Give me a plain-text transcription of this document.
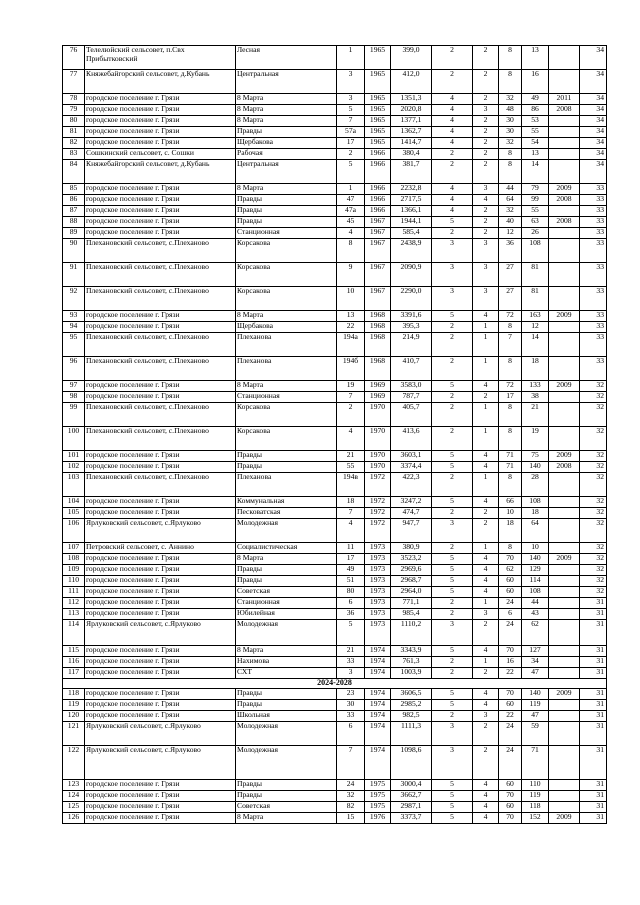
76	Телелюйский сельсовет, п.Свх Прибытковский	Лесная	1	1965	399,0	2	2	8	13		34
77	Княжебайгорский сельсовет, д.Кубань	Центральная	3	1965	412,0	2	2	8	16		34
78	городское поселение г. Грязи	8 Марта	3	1965	1351,3	4	2	32	49	2011	34
79	городское поселение г. Грязи	8 Марта	5	1965	2020,8	4	3	48	86	2008	34
80	городское поселение г. Грязи	8 Марта	7	1965	1377,1	4	2	30	53		34
81	городское поселение г. Грязи	Правды	57а	1965	1362,7	4	2	30	55		34
82	городское поселение г. Грязи	Щербакова	17	1965	1414,7	4	2	32	54		34
83	Сошкинский сельсовет, с. Сошки	Рабочая	2	1966	380,4	2	2	8	13		34
84	Княжебайгорский сельсовет, д.Кубань	Центральная	5	1966	381,7	2	2	8	14		34
85	городское поселение г. Грязи	8 Марта	1	1966	2232,8	4	3	44	79	2009	33
86	городское поселение г. Грязи	Правды	47	1966	2717,5	4	4	64	99	2008	33
87	городское поселение г. Грязи	Правды	47а	1966	1366,1	4	2	32	55		33
88	городское поселение г. Грязи	Правды	45	1967	1944,1	5	2	40	63	2008	33
89	городское поселение г. Грязи	Станционная	4	1967	585,4	2	2	12	26		33
90	Плехановский сельсовет, с.Плеханово	Корсакова	8	1967	2438,9	3	3	36	108		33
91	Плехановский сельсовет, с.Плеханово	Корсакова	9	1967	2090,9	3	3	27	81		33
92	Плехановский сельсовет, с.Плеханово	Корсакова	10	1967	2290,0	3	3	27	81		33
93	городское поселение г. Грязи	8 Марта	13	1968	3391,6	5	4	72	163	2009	33
94	городское поселение г. Грязи	Щербакова	22	1968	395,3	2	1	8	12		33
95	Плехановский сельсовет, с.Плеханово	Плеханова	194а	1968	214,9	2	1	7	14		33
96	Плехановский сельсовет, с.Плеханово	Плеханова	194б	1968	410,7	2	1	8	18		33
97	городское поселение г. Грязи	8 Марта	19	1969	3583,0	5	4	72	133	2009	32
98	городское поселение г. Грязи	Станционная	7	1969	787,7	2	2	17	38		32
99	Плехановский сельсовет, с.Плеханово	Корсакова	2	1970	405,7	2	1	8	21		32
100	Плехановский сельсовет, с.Плеханово	Корсакова	4	1970	413,6	2	1	8	19		32
101	городское поселение г. Грязи	Правды	21	1970	3603,1	5	4	71	75	2009	32
102	городское поселение г. Грязи	Правды	55	1970	3374,4	5	4	71	140	2008	32
103	Плехановский сельсовет, с.Плеханово	Плеханова	194в	1972	422,3	2	1	8	28		32
104	городское поселение г. Грязи	Коммунальная	18	1972	3247,2	5	4	66	108		32
105	городское поселение г. Грязи	Песковатская	7	1972	474,7	2	2	10	18		32
106	Ярлуковский сельсовет, с.Ярлуково	Молодежная	4	1972	947,7	3	2	18	64		32
107	Петровский сельсовет, с. Аннино	Социалистическая	11	1973	380,9	2	1	8	10		32
108	городское поселение г. Грязи	8 Марта	17	1973	3523,2	5	4	70	140	2009	32
109	городское поселение г. Грязи	Правды	49	1973	2969,6	5	4	62	129		32
110	городское поселение г. Грязи	Правды	51	1973	2968,7	5	4	60	114		32
111	городское поселение г. Грязи	Советская	80	1973	2964,0	5	4	60	108		32
112	городское поселение г. Грязи	Станционная	6	1973	771,1	2	1	24	44		31
113	городское поселение г. Грязи	Юбилейная	36	1973	985,4	2	3	6	43		31
114	Ярлуковский сельсовет, с.Ярлуково	Молодежная	5	1973	1110,2	3	2	24	62		31
115	городское поселение г. Грязи	8 Марта	21	1974	3343,9	5	4	70	127		31
116	городское поселение г. Грязи	Нахимова	33	1974	761,3	2	1	16	34		31
117	городское поселение г. Грязи	СХТ	3	1974	1003,9	2	2	22	47		31
2024-2028											
118	городское поселение г. Грязи	Правды	23	1974	3606,5	5	4	70	140	2009	31
119	городское поселение г. Грязи	Правды	30	1974	2985,2	5	4	60	119		31
120	городское поселение г. Грязи	Школьная	33	1974	982,5	2	3	22	47		31
121	Ярлуковский сельсовет, с.Ярлуково	Молодежная	6	1974	1111,3	3	2	24	59		31
122	Ярлуковский сельсовет, с.Ярлуково	Молодежная	7	1974	1098,6	3	2	24	71		31
123	городское поселение г. Грязи	Правды	24	1975	3000,4	5	4	60	110		31
124	городское поселение г. Грязи	Правды	32	1975	3662,7	5	4	70	119		31
125	городское поселение г. Грязи	Советская	82	1975	2987,1	5	4	60	118		31
126	городское поселение г. Грязи	8 Марта	15	1976	3373,7	5	4	70	152	2009	31
